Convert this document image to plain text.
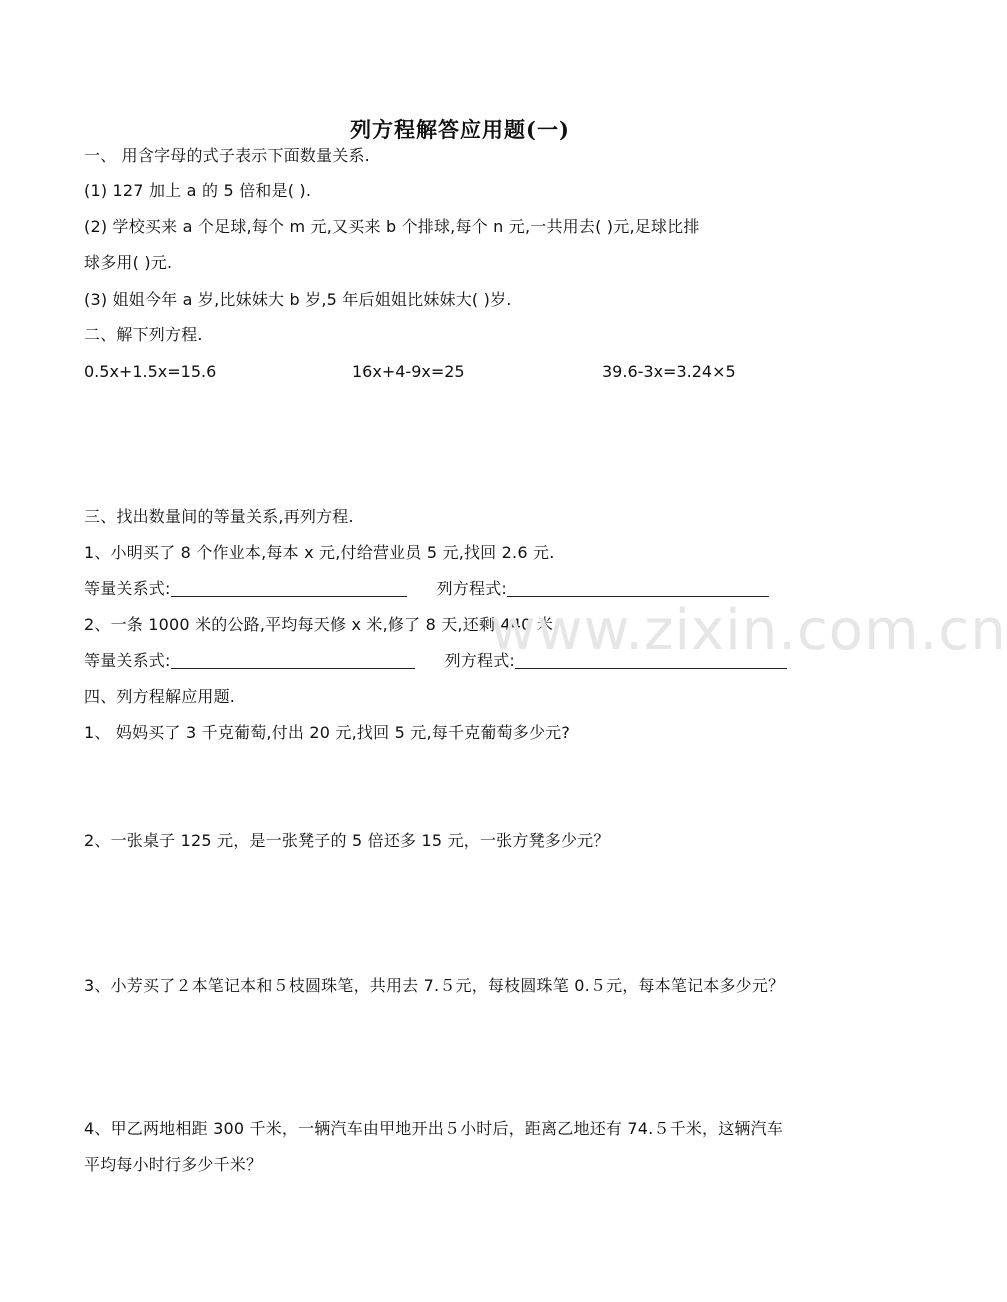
列方程解答应用题(一)
一、 用含字母的式子表示下面数量关系.
(1) 127 加上 a 的 5 倍和是( ).
(2) 学校买来 a 个足球,每个 m 元,又买来 b 个排球,每个 n 元,一共用去( )元,足球比排
球多用( )元.
(3) 姐姐今年 a 岁,比妹妹大 b 岁,5 年后姐姐比妹妹大( )岁.
二、解下列方程.
0.5x+1.5x=15.6	16x+4-9x=25	39.6-3x=3.24×5
三、找出数量间的等量关系,再列方程.
1、小明买了 8 个作业本,每本 x 元,付给营业员 5 元,找回 2.6 元.
等量关系式:	列方程式:
2、一条 1000 米的公路,平均每天修 x 米,修了 8 天,还剩 440 米.
等量关系式:	列方程式:
四、列方程解应用题.
1、 妈妈买了 3 千克葡萄,付出 20 元,找回 5 元,每千克葡萄多少元?
2、一张桌子 125 元，是一张凳子的 5 倍还多 15 元，一张方凳多少元？
3、小芳买了２本笔记本和５枝圆珠笔，共用去 7.５元，每枝圆珠笔 0.５元，每本笔记本多少元？
4、甲乙两地相距 300 千米，一辆汽车由甲地开出５小时后，距离乙地还有 74.５千米，这辆汽车
平均每小时行多少千米？
www.zixin.com.cn
